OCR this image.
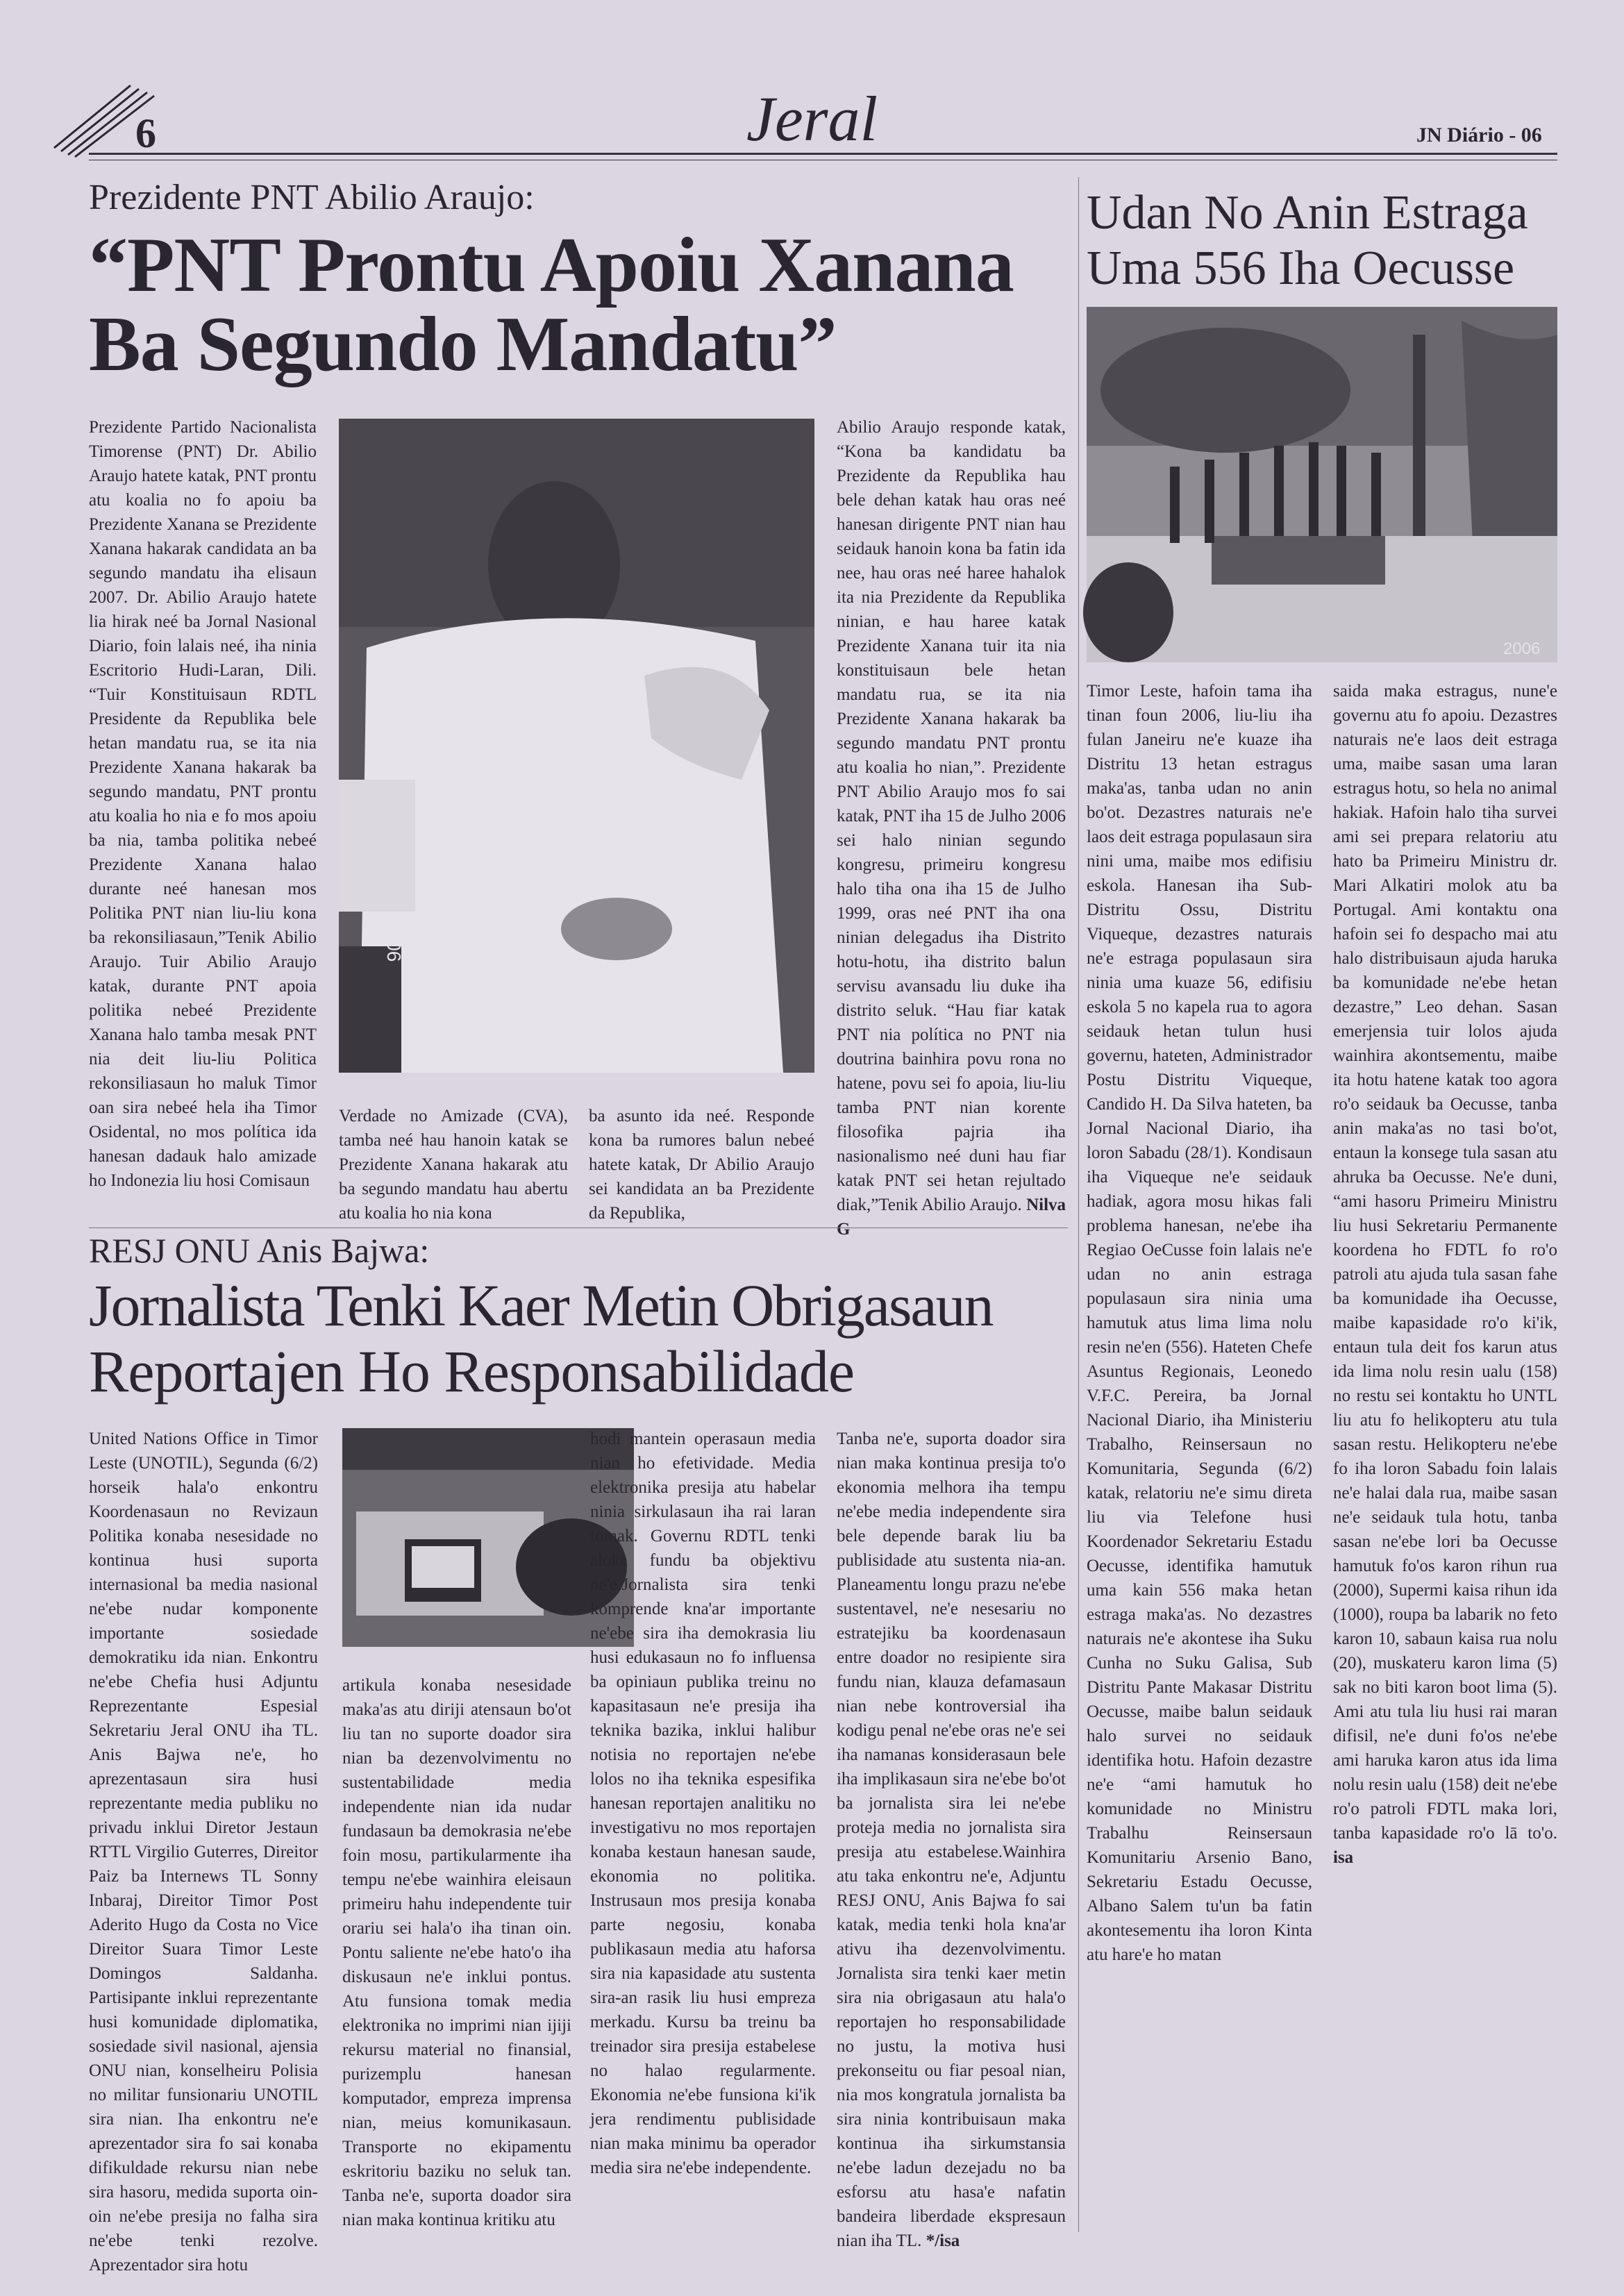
6	Jeral	JN Diário - 06
Prezidente PNT Abilio Araujo:
“PNT Prontu Apoiu Xanana Ba Segundo Mandatu”

Prezidente Partido Nacionalista Timorense (PNT) Dr. Abilio Araujo hatete katak, PNT prontu atu koalia no fo apoiu ba Prezidente Xanana se Prezidente Xanana hakarak candidata an ba segundo mandatu iha elisaun 2007. Dr. Abilio Araujo hatete lia hirak neé ba Jornal Nasional Diario, foin lalais neé, iha ninia Escritorio Hudi-Laran, Dili. “Tuir Konstituisaun RDTL Presidente da Republika bele hetan mandatu rua, se ita nia Prezidente Xanana hakarak ba segundo mandatu, PNT prontu atu koalia ho nia e fo mos apoiu ba nia, tamba politika nebeé Prezidente Xanana halao durante neé hanesan mos Politika PNT nian liu-liu kona ba rekonsiliasaun,”Tenik Abilio Araujo. Tuir Abilio Araujo katak, durante PNT apoia politika nebeé Prezidente Xanana halo tamba mesak PNT nia deit liu-liu Politica rekonsiliasaun ho maluk Timor oan sira nebeé hela iha Timor Osidental, no mos política ida hanesan dadauk halo amizade ho Indonezia liu hosi Comisaun

2006

Verdade no Amizade (CVA), tamba neé hau hanoin katak se Prezidente Xanana hakarak atu ba segundo mandatu hau abertu atu koalia ho nia kona

ba asunto ida neé. Responde kona ba rumores balun nebeé hatete katak, Dr Abilio Araujo sei kandidata an ba Prezidente da Republika,

Abilio Araujo responde katak, “Kona ba kandidatu ba Prezidente da Republika hau bele dehan katak hau oras neé hanesan dirigente PNT nian hau seidauk hanoin kona ba fatin ida nee, hau oras neé haree hahalok ita nia Prezidente da Republika ninian, e hau haree katak Prezidente Xanana tuir ita nia konstituisaun bele hetan mandatu rua, se ita nia Prezidente Xanana hakarak ba segundo mandatu PNT prontu atu koalia ho nian,”. Prezidente PNT Abilio Araujo mos fo sai katak, PNT iha 15 de Julho 2006 sei halo ninian segundo kongresu, primeiru kongresu halo tiha ona iha 15 de Julho 1999, oras neé PNT iha ona ninian delegadus iha Distrito hotu-hotu, iha distrito balun servisu avansadu liu duke iha distrito seluk. “Hau fiar katak PNT nia política no PNT nia doutrina bainhira povu rona no hatene, povu sei fo apoia, liu-liu tamba PNT nian korente filosofika pajria iha nasionalismo neé duni hau fiar katak PNT sei hetan rejultado diak,”Tenik Abilio Araujo. Nilva G

Udan No Anin Estraga
Uma 556 Iha Oecusse
2006

Timor Leste, hafoin tama iha tinan foun 2006, liu-liu iha fulan Janeiru ne'e kuaze iha Distritu 13 hetan estragus maka'as, tanba udan no anin bo'ot. Dezastres naturais ne'e laos deit estraga populasaun sira nini uma, maibe mos edifisiu eskola. Hanesan iha Sub-Distritu Ossu, Distritu Viqueque, dezastres naturais ne'e estraga populasaun sira ninia uma kuaze 56, edifisiu eskola 5 no kapela rua to agora seidauk hetan tulun husi governu, hateten, Administrador Postu Distritu Viqueque, Candido H. Da Silva hateten, ba Jornal Nacional Diario, iha loron Sabadu (28/1). Kondisaun iha Viqueque ne'e seidauk hadiak, agora mosu hikas fali problema hanesan, ne'ebe iha Regiao OeCusse foin lalais ne'e udan no anin estraga populasaun sira ninia uma hamutuk atus lima lima nolu resin ne'en (556). Hateten Chefe Asuntus Regionais, Leonedo V.F.C. Pereira, ba Jornal Nacional Diario, iha Ministeriu Trabalho, Reinsersaun no Komunitaria, Segunda (6/2) katak, relatoriu ne'e simu direta liu via Telefone husi Koordenador Sekretariu Estadu Oecusse, identifika hamutuk uma kain 556 maka hetan estraga maka'as. No dezastres naturais ne'e akontese iha Suku Cunha no Suku Galisa, Sub Distritu Pante Makasar Distritu Oecusse, maibe balun seidauk halo survei no seidauk identifika hotu. Hafoin dezastre ne'e “ami hamutuk ho komunidade no Ministru Trabalhu Reinsersaun Komunitariu Arsenio Bano, Sekretariu Estadu Oecusse, Albano Salem tu'un ba fatin akontesementu iha loron Kinta atu hare'e ho matan

saida maka estragus, nune'e governu atu fo apoiu. Dezastres naturais ne'e laos deit estraga uma, maibe sasan uma laran estragus hotu, so hela no animal hakiak. Hafoin halo tiha survei ami sei prepara relatoriu atu hato ba Primeiru Ministru dr. Mari Alkatiri molok atu ba Portugal. Ami kontaktu ona hafoin sei fo despacho mai atu halo distribuisaun ajuda haruka ba komunidade ne'ebe hetan dezastre,” Leo dehan. Sasan emerjensia tuir lolos ajuda wainhira akontsementu, maibe ita hotu hatene katak too agora ro'o seidauk ba Oecusse, tanba anin maka'as no tasi bo'ot, entaun la konsege tula sasan atu ahruka ba Oecusse. Ne'e duni, “ami hasoru Primeiru Ministru liu husi Sekretariu Permanente koordena ho FDTL fo ro'o patroli atu ajuda tula sasan fahe ba komunidade iha Oecusse, maibe kapasidade ro'o ki'ik, entaun tula deit fos karun atus ida lima nolu resin ualu (158) no restu sei kontaktu ho UNTL liu atu fo helikopteru atu tula sasan restu. Helikopteru ne'ebe fo iha loron Sabadu foin lalais ne'e halai dala rua, maibe sasan ne'e seidauk tula hotu, tanba sasan ne'ebe lori ba Oecusse hamutuk fo'os karon rihun rua (2000), Supermi kaisa rihun ida (1000), roupa ba labarik no feto karon 10, sabaun kaisa rua nolu (20), muskateru karon lima (5) sak no biti karon boot lima (5). Ami atu tula liu husi rai maran difisil, ne'e duni fo'os ne'ebe ami haruka karon atus ida lima nolu resin ualu (158) deit ne'ebe ro'o patroli FDTL maka lori, tanba kapasidade ro'o lā to'o. isa

RESJ ONU Anis Bajwa:
Jornalista Tenki Kaer Metin Obrigasaun
Reportajen Ho Responsabilidade

United Nations Office in Timor Leste (UNOTIL), Segunda (6/2) horseik hala'o enkontru Koordenasaun no Revizaun Politika konaba nesesidade no kontinua husi suporta internasional ba media nasional ne'ebe nudar komponente importante sosiedade demokratiku ida nian. Enkontru ne'ebe Chefia husi Adjuntu Reprezentante Espesial Sekretariu Jeral ONU iha TL. Anis Bajwa ne'e, ho aprezentasaun sira husi reprezentante media publiku no privadu inklui Diretor Jestaun RTTL Virgilio Guterres, Direitor Paiz ba Internews TL Sonny Inbaraj, Direitor Timor Post Aderito Hugo da Costa no Vice Direitor Suara Timor Leste Domingos Saldanha. Partisipante inklui reprezentante husi komunidade diplomatika, sosiedade sivil nasional, ajensia ONU nian, konselheiru Polisia no militar funsionariu UNOTIL sira nian. Iha enkontru ne'e aprezentador sira fo sai konaba difikuldade rekursu nian nebe sira hasoru, medida suporta oin-oin ne'ebe presija no falha sira ne'ebe tenki rezolve. Aprezentador sira hotu

artikula konaba nesesidade maka'as atu diriji atensaun bo'ot liu tan no suporte doador sira nian ba dezenvolvimentu no sustentabilidade media independente nian ida nudar fundasaun ba demokrasia ne'ebe foin mosu, partikularmente iha tempu ne'ebe wainhira eleisaun primeiru hahu independente tuir orariu sei hala'o iha tinan oin. Pontu saliente ne'ebe hato'o iha diskusaun ne'e inklui pontus. Atu funsiona tomak media elektronika no imprimi nian ijiji rekursu material no finansial, purizemplu hanesan komputador, empreza imprensa nian, meius komunikasaun. Transporte no ekipamentu eskritoriu baziku no seluk tan. Tanba ne'e, suporta doador sira nian maka kontinua kritiku atu

hodi mantein operasaun media nian ho efetividade. Media elektronika presija atu habelar ninia sirkulasaun iha rai laran tomak. Governu RDTL tenki aloka fundu ba objektivu ne'e.Jornalista sira tenki komprende kna'ar importante ne'ebe sira iha demokrasia liu husi edukasaun no fo influensa ba opiniaun publika treinu no kapasitasaun ne'e presija iha teknika bazika, inklui halibur notisia no reportajen ne'ebe lolos no iha teknika espesifika hanesan reportajen analitiku no investigativu no mos reportajen konaba kestaun hanesan saude, ekonomia no politika. Instrusaun mos presija konaba parte negosiu, konaba publikasaun media atu haforsa sira nia kapasidade atu sustenta sira-an rasik liu husi empreza merkadu. Kursu ba treinu ba treinador sira presija estabelese no halao regularmente. Ekonomia ne'ebe funsiona ki'ik jera rendimentu publisidade nian maka minimu ba operador media sira ne'ebe independente.

Tanba ne'e, suporta doador sira nian maka kontinua presija to'o ekonomia melhora iha tempu ne'ebe media independente sira bele depende barak liu ba publisidade atu sustenta nia-an. Planeamentu longu prazu ne'ebe sustentavel, ne'e nesesariu no estratejiku ba koordenasaun entre doador no resipiente sira fundu nian, klauza defamasaun nian nebe kontroversial iha kodigu penal ne'ebe oras ne'e sei iha namanas konsiderasaun bele iha implikasaun sira ne'ebe bo'ot ba jornalista sira lei ne'ebe proteja media no jornalista sira presija atu estabelese.Wainhira atu taka enkontru ne'e, Adjuntu RESJ ONU, Anis Bajwa fo sai katak, media tenki hola kna'ar ativu iha dezenvolvimentu. Jornalista sira tenki kaer metin sira nia obrigasaun atu hala'o reportajen ho responsabilidade no justu, la motiva husi prekonseitu ou fiar pesoal nian, nia mos kongratula jornalista ba sira ninia kontribuisaun maka kontinua iha sirkumstansia ne'ebe ladun dezejadu no ba esforsu atu hasa'e nafatin bandeira liberdade ekspresaun nian iha TL. */isa
